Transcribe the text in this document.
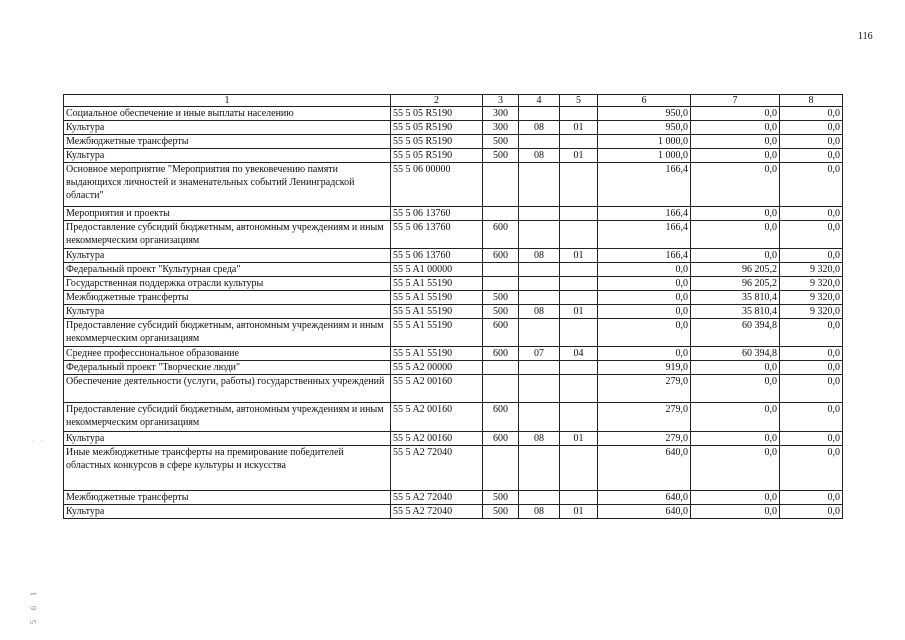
116
1	2	3	4	5	6	7	8
Социальное обеспечение и иные выплаты населению	55 5 05 R5190	300			950,0	0,0	0,0
Культура	55 5 05 R5190	300	08	01	950,0	0,0	0,0
Межбюджетные трансферты	55 5 05 R5190	500			1 000,0	0,0	0,0
Культура	55 5 05 R5190	500	08	01	1 000,0	0,0	0,0
Основное мероприятие "Мероприятия по увековечению памяти выдающихся личностей и знаменательных событий Ленинградской области"	55 5 06 00000				166,4	0,0	0,0
Мероприятия и проекты	55 5 06 13760				166,4	0,0	0,0
Предоставление субсидий бюджетным, автономным учреждениям и иным некоммерческим организациям	55 5 06 13760	600			166,4	0,0	0,0
Культура	55 5 06 13760	600	08	01	166,4	0,0	0,0
Федеральный проект "Культурная среда"	55 5 A1 00000				0,0	96 205,2	9 320,0
Государственная поддержка отрасли культуры	55 5 A1 55190				0,0	96 205,2	9 320,0
Межбюджетные трансферты	55 5 A1 55190	500			0,0	35 810,4	9 320,0
Культура	55 5 A1 55190	500	08	01	0,0	35 810,4	9 320,0
Предоставление субсидий бюджетным, автономным учреждениям и иным некоммерческим организациям	55 5 A1 55190	600			0,0	60 394,8	0,0
Среднее профессиональное образование	55 5 A1 55190	600	07	04	0,0	60 394,8	0,0
Федеральный проект "Творческие люди"	55 5 A2 00000				919,0	0,0	0,0
Обеспечение деятельности (услуги, работы) государственных учреждений	55 5 A2 00160				279,0	0,0	0,0
Предоставление субсидий бюджетным, автономным учреждениям и иным некоммерческим организациям	55 5 A2 00160	600			279,0	0,0	0,0
Культура	55 5 A2 00160	600	08	01	279,0	0,0	0,0
Иные межбюджетные трансферты на премирование победителей областных конкурсов в сфере культуры и искусства	55 5 A2 72040				640,0	0,0	0,0
Межбюджетные трансферты	55 5 A2 72040	500			640,0	0,0	0,0
Культура	55 5 A2 72040	500	08	01	640,0	0,0	0,0
1
6
5
· ·
